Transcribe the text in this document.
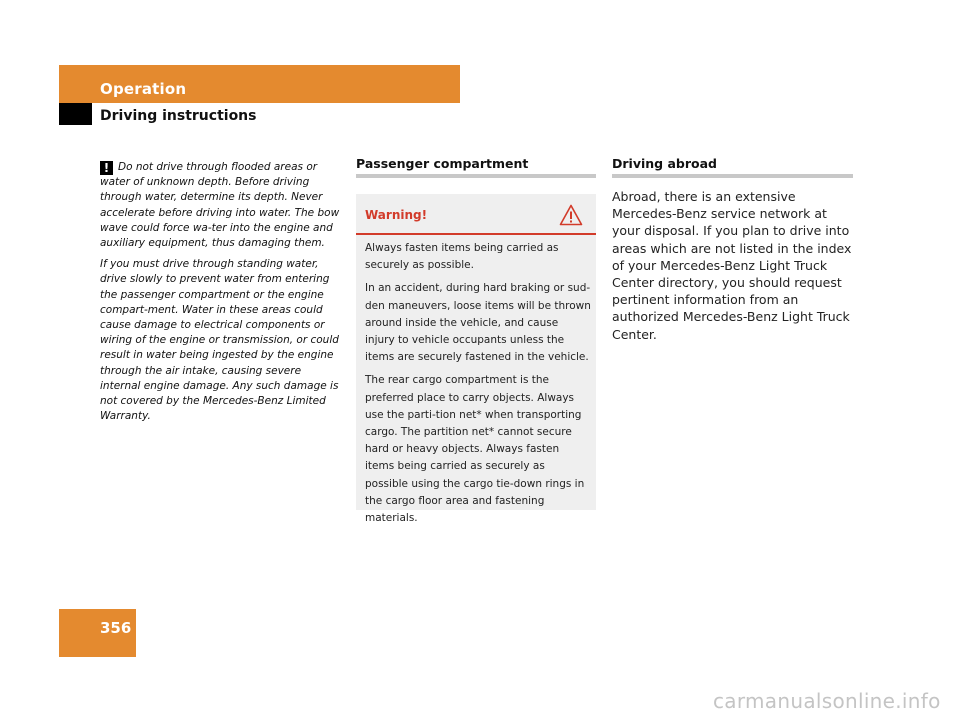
Operation
Driving instructions

! Do not drive through flooded areas or water of unknown depth. Before driving through water, determine its depth. Never accelerate before driving into water. The bow wave could force wa-ter into the engine and auxiliary equipment, thus damaging them.

If you must drive through standing water, drive slowly to prevent water from entering the passenger compartment or the engine compart-ment. Water in these areas could cause damage to electrical components or wiring of the engine or transmission, or could result in water being ingested by the engine through the air intake, causing severe internal engine damage. Any such damage is not covered by the Mercedes-Benz Limited Warranty.

Passenger compartment
Warning!

Always fasten items being carried as securely as possible.

In an accident, during hard braking or sud-den maneuvers, loose items will be thrown around inside the vehicle, and cause injury to vehicle occupants unless the items are securely fastened in the vehicle.

The rear cargo compartment is the preferred place to carry objects. Always use the parti-tion net* when transporting cargo. The partition net* cannot secure hard or heavy objects. Always fasten items being carried as securely as possible using the cargo tie-down rings in the cargo floor area and fastening materials.

Driving abroad
Abroad, there is an extensive Mercedes-Benz service network at your disposal. If you plan to drive into areas which are not listed in the index of your Mercedes-Benz Light Truck Center directory, you should request pertinent information from an authorized Mercedes-Benz Light Truck Center.
356
carmanualsonline.info
